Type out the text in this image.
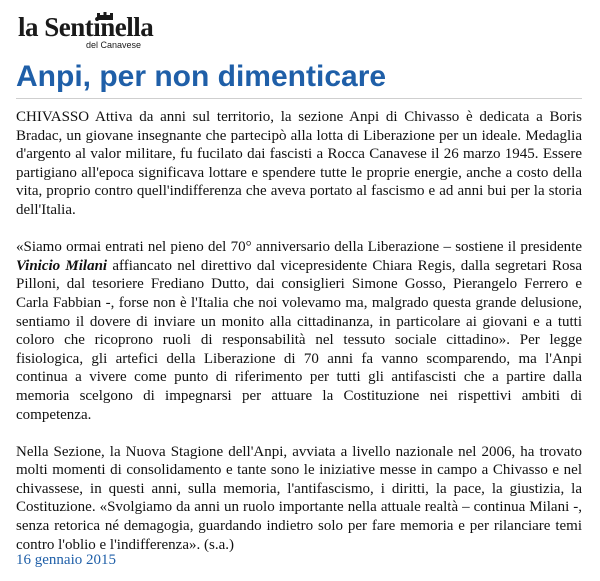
la Sentinella
del Canavese
Anpi, per non dimenticare

CHIVASSO Attiva da anni sul territorio, la sezione Anpi di Chivasso è dedicata a Boris Bradac, un giovane insegnante che partecipò alla lotta di Liberazione per un ideale. Medaglia d'argento al valor militare, fu fucilato dai fascisti a Rocca Canavese il 26 marzo 1945. Essere partigiano all'epoca significava lottare e spendere tutte le proprie energie, anche a costo della vita, proprio contro quell'indifferenza che aveva portato al fascismo e ad anni bui per la storia dell'Italia.

«Siamo ormai entrati nel pieno del 70° anniversario della Liberazione – sostiene il presidente Vinicio Milani affiancato nel direttivo dal vicepresidente Chiara Regis, dalla segretari Rosa Pilloni, dal tesoriere Frediano Dutto, dai consiglieri Simone Gosso, Pierangelo Ferrero e Carla Fabbian -, forse non è l'Italia che noi volevamo ma, malgrado questa grande delusione, sentiamo il dovere di inviare un monito alla cittadinanza, in particolare ai giovani e a tutti coloro che ricoprono ruoli di responsabilità nel tessuto sociale cittadino». Per legge fisiologica, gli artefici della Liberazione di 70 anni fa vanno scomparendo, ma l'Anpi continua a vivere come punto di riferimento per tutti gli antifascisti che a partire dalla memoria scelgono di impegnarsi per attuare la Costituzione nei rispettivi ambiti di competenza.

Nella Sezione, la Nuova Stagione dell'Anpi, avviata a livello nazionale nel 2006, ha trovato molti momenti di consolidamento e tante sono le iniziative messe in campo a Chivasso e nel chivassese, in questi anni, sulla memoria, l'antifascismo, i diritti, la pace, la giustizia, la Costituzione. «Svolgiamo da anni un ruolo importante nella attuale realtà – continua Milani -, senza retorica né demagogia, guardando indietro solo per fare memoria e per rilanciare temi contro l'oblio e l'indifferenza». (s.a.)

16 gennaio 2015
